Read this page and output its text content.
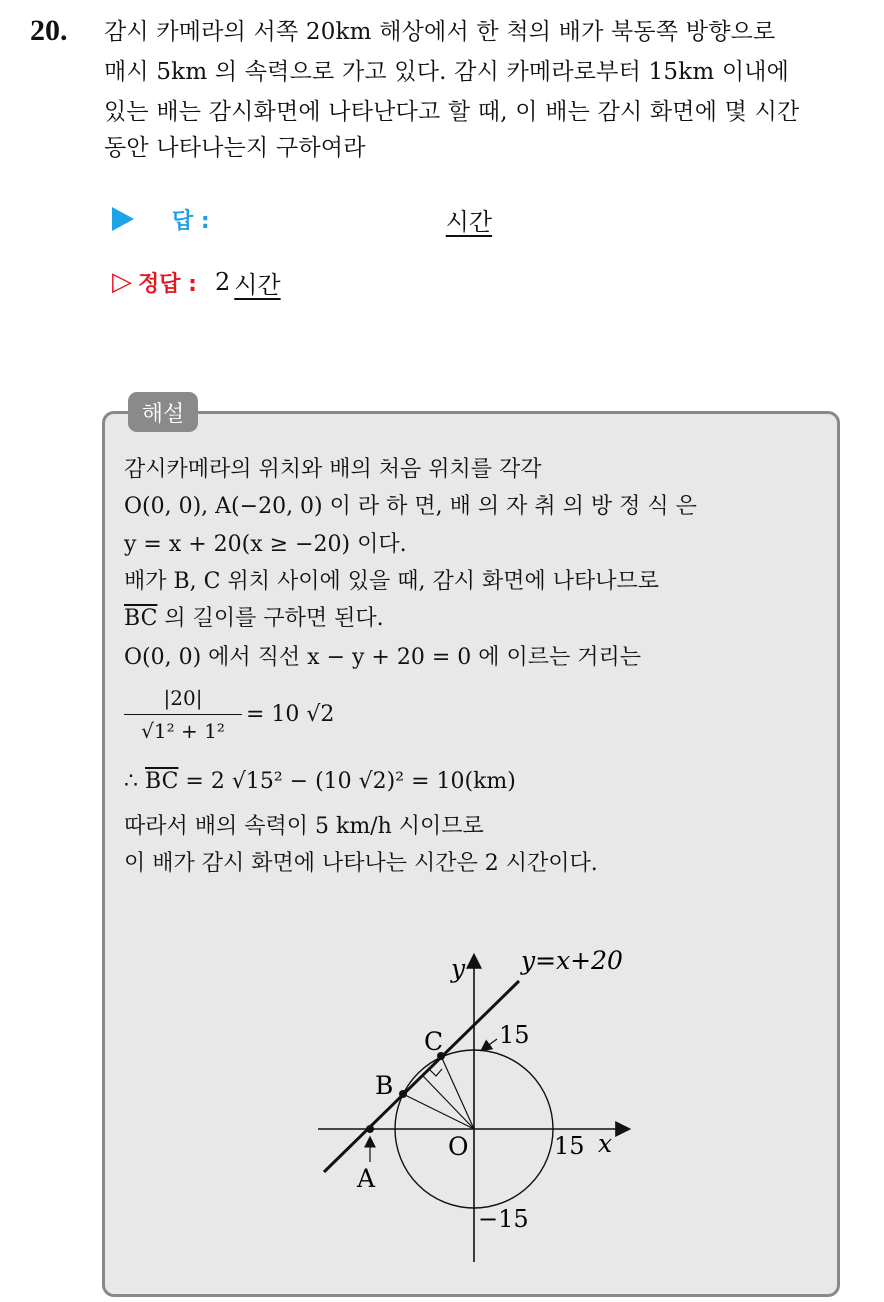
20. 감시 카메라의 서쪽 20km 해상에서 한 척의 배가 북동쪽 방향으로
매시 5km 의 속력으로 가고 있다. 감시 카메라로부터 15km 이내에
있는 배는 감시화면에 나타난다고 할 때, 이 배는 감시 화면에 몇 시간
동안 나타나는지 구하여라
답 :	시간
▷ 정답 : 2 시간
해설
감시카메라의 위치와 배의 처음 위치를 각각
O(0, 0), A(−20, 0) 이 라 하 면, 배 의 자 취 의 방 정 식 은
y = x + 20(x ≥ −20) 이다.
배가 B, C 위치 사이에 있을 때, 감시 화면에 나타나므로
$\overline{BC}$ 의 길이를 구하면 된다.
O(0, 0) 에서 직선 x − y + 20 = 0 에 이르는 거리는
$\frac{|20|}{\text{√1² + 1²}} = 10$ √2
∴ $\overline{BC} = 2$ √15² − (10 √2)² = 10(km)
따라서 배의 속력이 5 km/h 시이므로
이 배가 감시 화면에 나타나는 시간은 2 시간이다.
y=x+20
y
x
O
C
B
A
15
15
−15
